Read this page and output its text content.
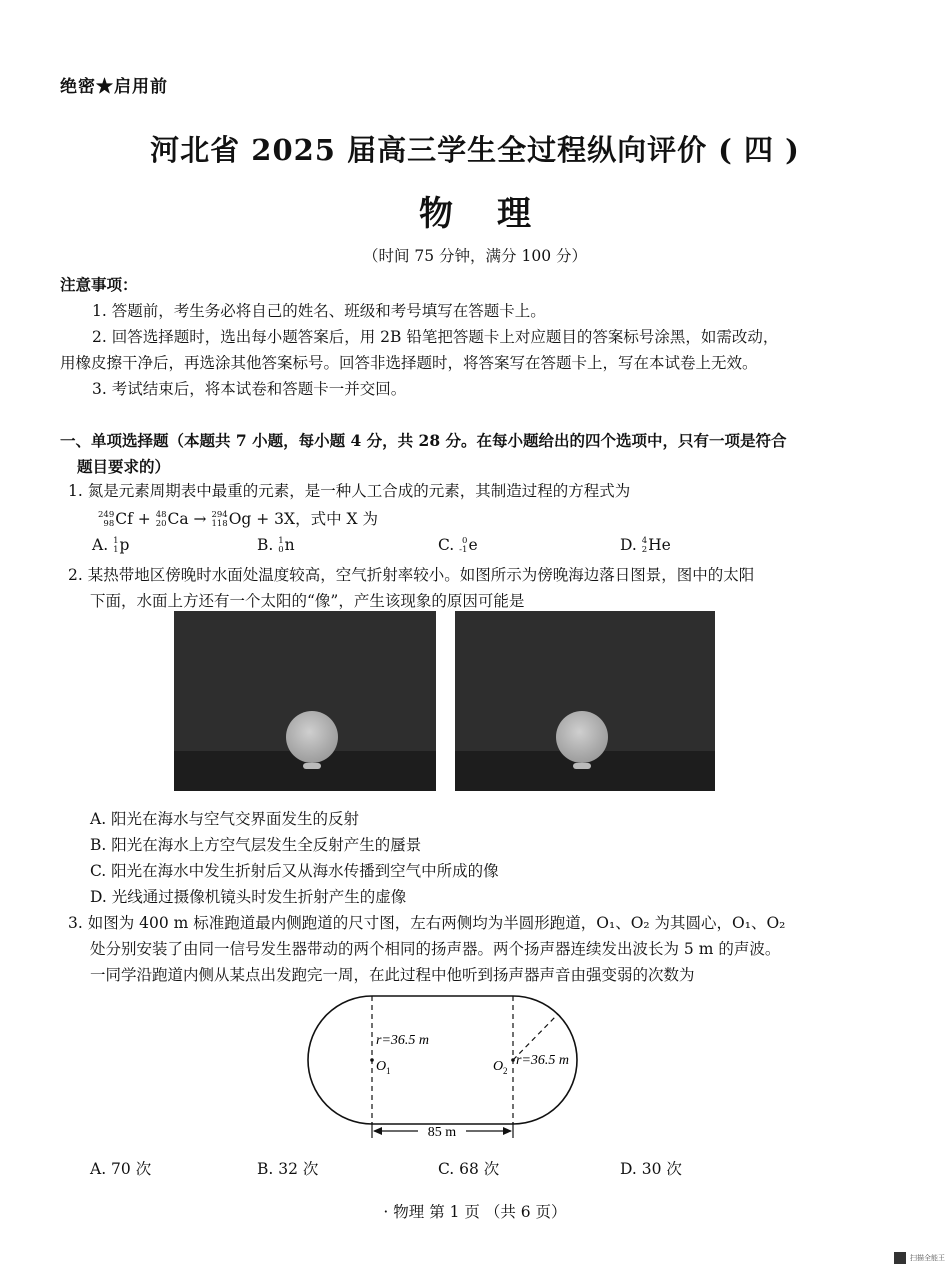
绝密★启用前
河北省 2025 届高三学生全过程纵向评价 ( 四 )
物 理
（时间 75 分钟，满分 100 分）
注意事项：
1. 答题前，考生务必将自己的姓名、班级和考号填写在答题卡上。
2. 回答选择题时，选出每小题答案后，用 2B 铅笔把答题卡上对应题目的答案标号涂黑，如需改动，
用橡皮擦干净后，再选涂其他答案标号。回答非选择题时，将答案写在答题卡上，写在本试卷上无效。
3. 考试结束后，将本试卷和答题卡一并交回。
一、单项选择题（本题共 7 小题，每小题 4 分，共 28 分。在每小题给出的四个选项中，只有一项是符合
题目要求的）
1. 氮是元素周期表中最重的元素，是一种人工合成的元素，其制造过程的方程式为
249
98 Cf + 48
20 Ca → 294
118 Og + 3X，式中 X 为
A. 1
1 p	B. 1
0 n	C. 0
-1 e	D. 4
2 He
2. 某热带地区傍晚时水面处温度较高，空气折射率较小。如图所示为傍晚海边落日图景，图中的太阳
下面，水面上方还有一个太阳的“像”，产生该现象的原因可能是
A. 阳光在海水与空气交界面发生的反射
B. 阳光在海水上方空气层发生全反射产生的蜃景
C. 阳光在海水中发生折射后又从海水传播到空气中所成的像
D. 光线通过摄像机镜头时发生折射产生的虚像
3. 如图为 400 m 标准跑道最内侧跑道的尺寸图，左右两侧均为半圆形跑道，O₁、O₂ 为其圆心，O₁、O₂
处分别安装了由同一信号发生器带动的两个相同的扬声器。两个扬声器连续发出波长为 5 m 的声波。
一同学沿跑道内侧从某点出发跑完一周，在此过程中他听到扬声器声音由强变弱的次数为
r=36.5 m
r=36.5 m
O 1	O 2
85 m
A. 70 次	B. 32 次	C. 68 次	D. 30 次
· 物理 第 1 页 （共 6 页）
扫描全能王
